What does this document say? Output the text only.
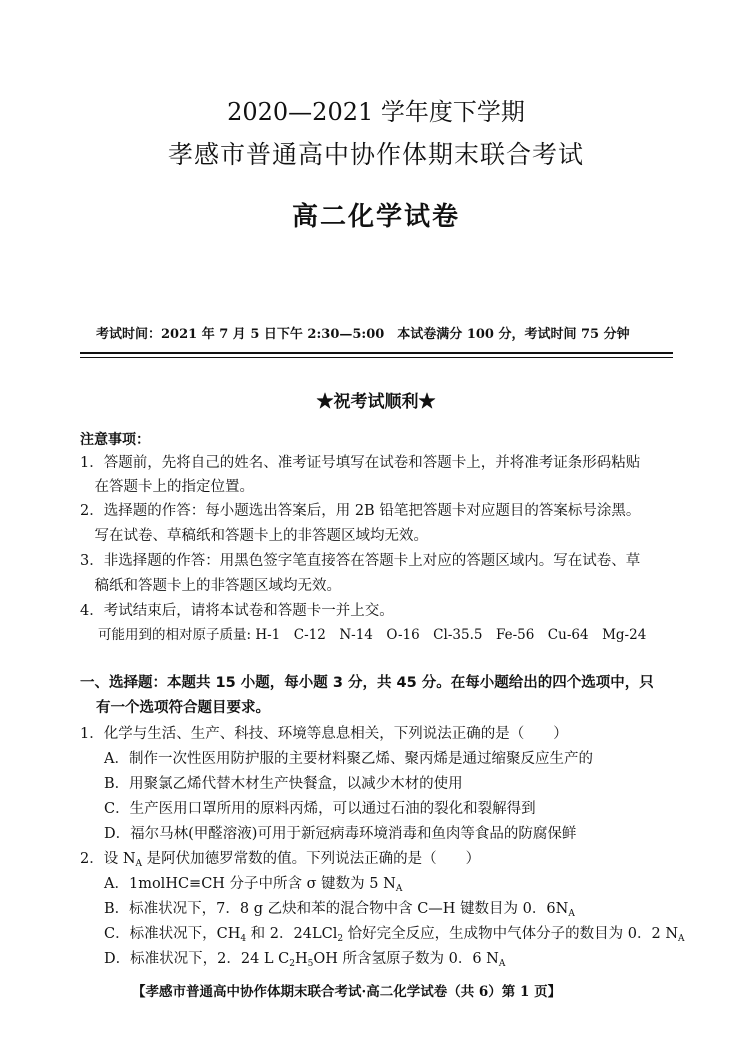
2020—2021 学年度下学期
孝感市普通高中协作体期末联合考试
高二化学试卷
考试时间：2021 年 7 月 5 日下午 2:30—5:00　本试卷满分 100 分，考试时间 75 分钟
★祝考试顺利★
注意事项：
1．答题前，先将自己的姓名、准考证号填写在试卷和答题卡上，并将准考证条形码粘贴
　在答题卡上的指定位置。
2．选择题的作答：每小题选出答案后，用 2B 铅笔把答题卡对应题目的答案标号涂黑。
　写在试卷、草稿纸和答题卡上的非答题区域均无效。
3．非选择题的作答：用黑色签字笔直接答在答题卡上对应的答题区域内。写在试卷、草
　稿纸和答题卡上的非答题区域均无效。
4．考试结束后，请将本试卷和答题卡一并上交。
可能用到的相对原子质量: H-1　C-12　N-14　O-16　Cl-35.5　Fe-56　Cu-64　Mg-24
一、选择题：本题共 15 小题，每小题 3 分，共 45 分。在每小题给出的四个选项中，只
有一个选项符合题目要求。
1．化学与生活、生产、科技、环境等息息相关，下列说法正确的是（　　）
A．制作一次性医用防护服的主要材料聚乙烯、聚丙烯是通过缩聚反应生产的
B．用聚氯乙烯代替木材生产快餐盒，以减少木材的使用
C．生产医用口罩所用的原料丙烯，可以通过石油的裂化和裂解得到
D．福尔马林(甲醛溶液)可用于新冠病毒环境消毒和鱼肉等食品的防腐保鲜
2．设 $N_A$ 是阿伏加德罗常数的值。下列说法正确的是（　　）
A．1molHC≡CH 分子中所含 σ 键数为 5 $N_A$
B．标准状况下，7．8 g 乙炔和苯的混合物中含 C—H 键数目为 0．$6N_A$
C．标准状况下，$CH_4$ 和 2．24LCl$_2$ 恰好完全反应，生成物中气体分子的数目为 0．2 $N_A$
D．标准状况下，2．24 L $C_2H_5OH$ 所含氢原子数为 0．6 $N_A$
【孝感市普通高中协作体期末联合考试·高二化学试卷（共 6）第 1 页】
